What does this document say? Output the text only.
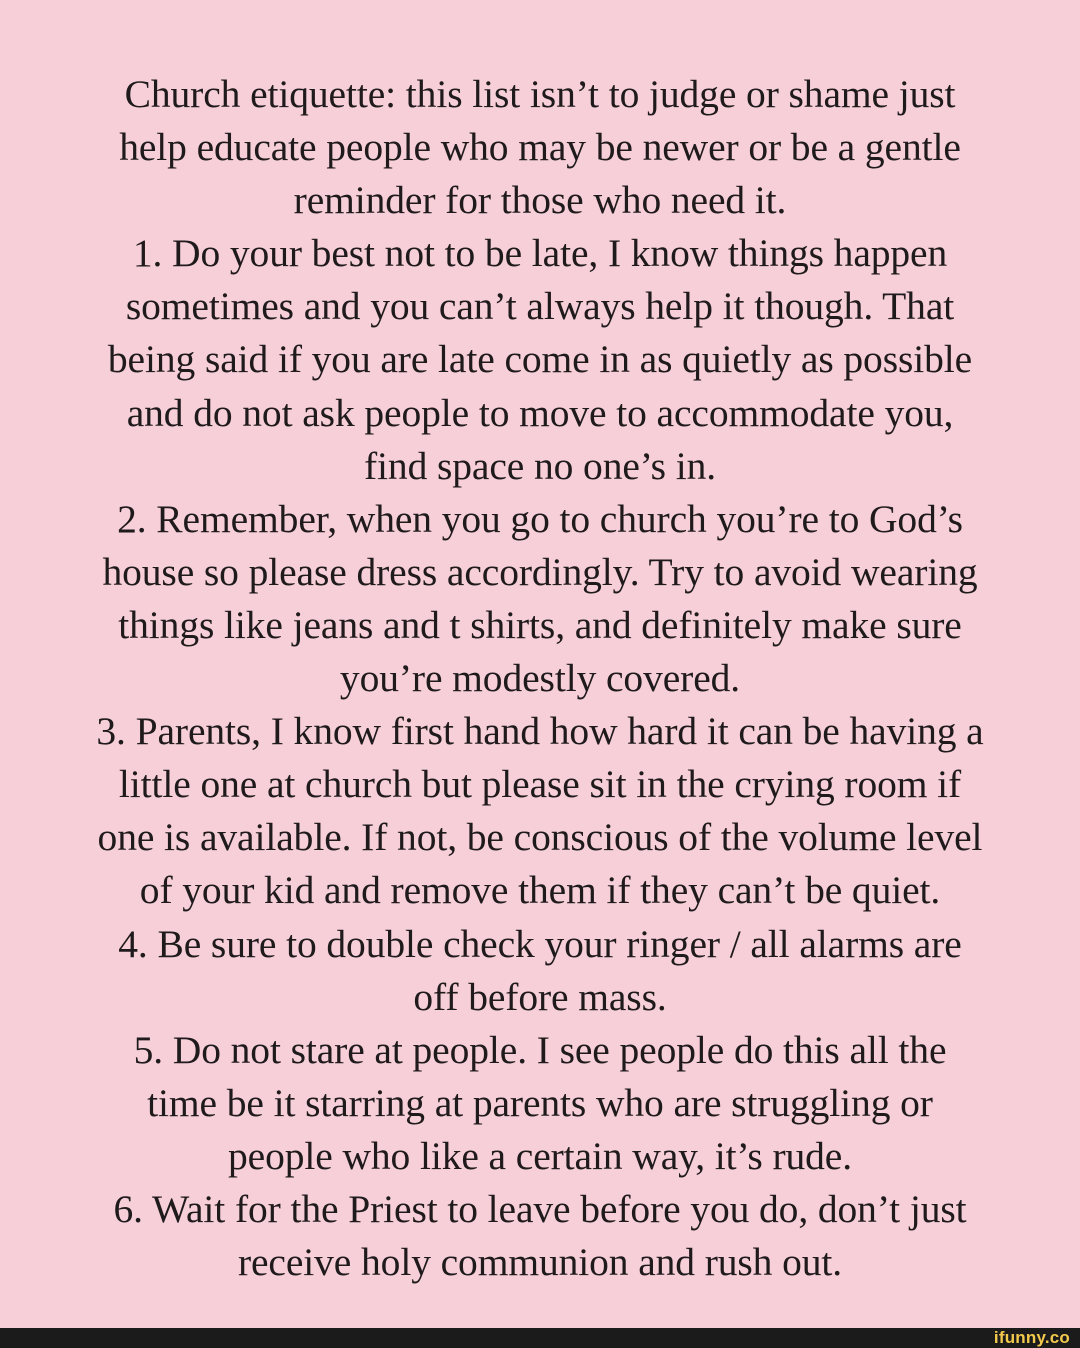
Church etiquette: this list isn’t to judge or shame just
help educate people who may be newer or be a gentle
reminder for those who need it.
1. Do your best not to be late, I know things happen
sometimes and you can’t always help it though. That
being said if you are late come in as quietly as possible
and do not ask people to move to accommodate you,
find space no one’s in.
2. Remember, when you go to church you’re to God’s
house so please dress accordingly. Try to avoid wearing
things like jeans and t shirts, and definitely make sure
you’re modestly covered.
3. Parents, I know first hand how hard it can be having a
little one at church but please sit in the crying room if
one is available. If not, be conscious of the volume level
of your kid and remove them if they can’t be quiet.
4. Be sure to double check your ringer / all alarms are
off before mass.
5. Do not stare at people. I see people do this all the
time be it starring at parents who are struggling or
people who like a certain way, it’s rude.
6. Wait for the Priest to leave before you do, don’t just
receive holy communion and rush out.
ifunny.co
